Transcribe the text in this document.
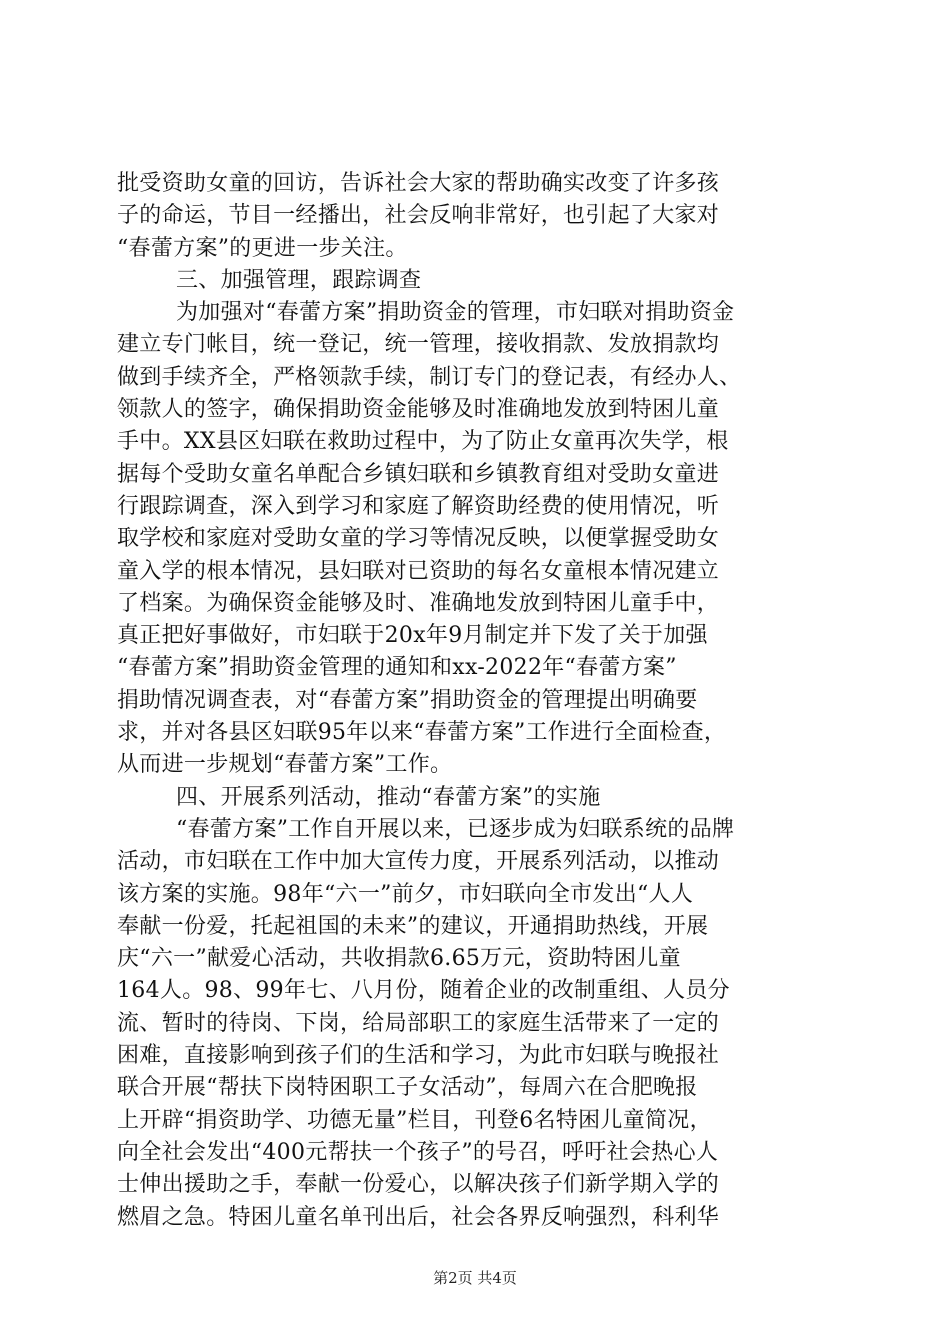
批受资助女童的回访，告诉社会大家的帮助确实改变了许多孩
子的命运，节目一经播出，社会反响非常好，也引起了大家对
“春蕾方案”的更进一步关注。
三、加强管理，跟踪调查
为加强对“春蕾方案”捐助资金的管理，市妇联对捐助资金
建立专门帐目，统一登记，统一管理，接收捐款、发放捐款均
做到手续齐全，严格领款手续，制订专门的登记表，有经办人、
领款人的签字，确保捐助资金能够及时准确地发放到特困儿童
手中。XX县区妇联在救助过程中，为了防止女童再次失学，根
据每个受助女童名单配合乡镇妇联和乡镇教育组对受助女童进
行跟踪调查，深入到学习和家庭了解资助经费的使用情况，听
取学校和家庭对受助女童的学习等情况反映，以便掌握受助女
童入学的根本情况，县妇联对已资助的每名女童根本情况建立
了档案。为确保资金能够及时、准确地发放到特困儿童手中，
真正把好事做好，市妇联于20x年9月制定并下发了关于加强
“春蕾方案”捐助资金管理的通知和xx-2022年“春蕾方案”
捐助情况调查表，对“春蕾方案”捐助资金的管理提出明确要
求，并对各县区妇联95年以来“春蕾方案”工作进行全面检查，
从而进一步规划“春蕾方案”工作。
四、开展系列活动，推动“春蕾方案”的实施
“春蕾方案”工作自开展以来，已逐步成为妇联系统的品牌
活动，市妇联在工作中加大宣传力度，开展系列活动，以推动
该方案的实施。98年“六一”前夕，市妇联向全市发出“人人
奉献一份爱，托起祖国的未来”的建议，开通捐助热线，开展
庆“六一”献爱心活动，共收捐款6.65万元，资助特困儿童
164人。98、99年七、八月份，随着企业的改制重组、人员分
流、暂时的待岗、下岗，给局部职工的家庭生活带来了一定的
困难，直接影响到孩子们的生活和学习，为此市妇联与晚报社
联合开展“帮扶下岗特困职工子女活动”，每周六在合肥晚报
上开辟“捐资助学、功德无量”栏目，刊登6名特困儿童简况，
向全社会发出“400元帮扶一个孩子”的号召，呼吁社会热心人
士伸出援助之手，奉献一份爱心，以解决孩子们新学期入学的
燃眉之急。特困儿童名单刊出后，社会各界反响强烈，科利华
第2页 共4页
